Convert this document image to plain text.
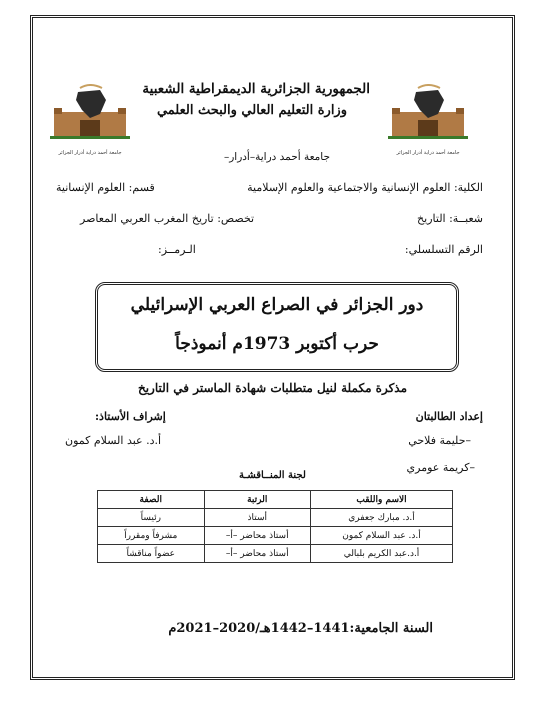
جامعة أحمد دراية أدرار الجزائر	جامعة أحمد دراية أدرار الجزائر
الجمهورية الجزائرية الديمقراطية الشعبية
وزارة التعليم العالي والبحث العلمي
جامعة أحمد دراية–أدرار–
الكلية: العلوم الإنسانية والاجتماعية والعلوم الإسلامية
قسم: العلوم الإنسانية
شعبــة: التاريخ
تخصص: تاريخ المغرب العربي المعاصر
الرقم التسلسلي:
الـرمــز:
دور الجزائر في الصراع العربي الإسرائيلي
حرب أكتوبر 1973م أنموذجاً
مذكرة مكملة لنيل متطلبات شهادة الماستر في التاريخ
إعداد الطالبتان
–حليمة فلاحي
–كريمة عومري
إشراف الأستاذ:
أ.د. عبد السلام كمون
لجنة المنــاقشـة
الاسم واللقب	الرتبة	الصفة
أ.د. مبارك جعفري	أستاذ	رئيساً
أ.د. عبد السلام كمون	أستاذ محاضر –أ–	مشرفاً ومقرراً
أ.د.عبد الكريم بلبالي	أستاذ محاضر –أ–	عضواً مناقشاً
السنة الجامعية:1441–1442هـ/2020–2021م
